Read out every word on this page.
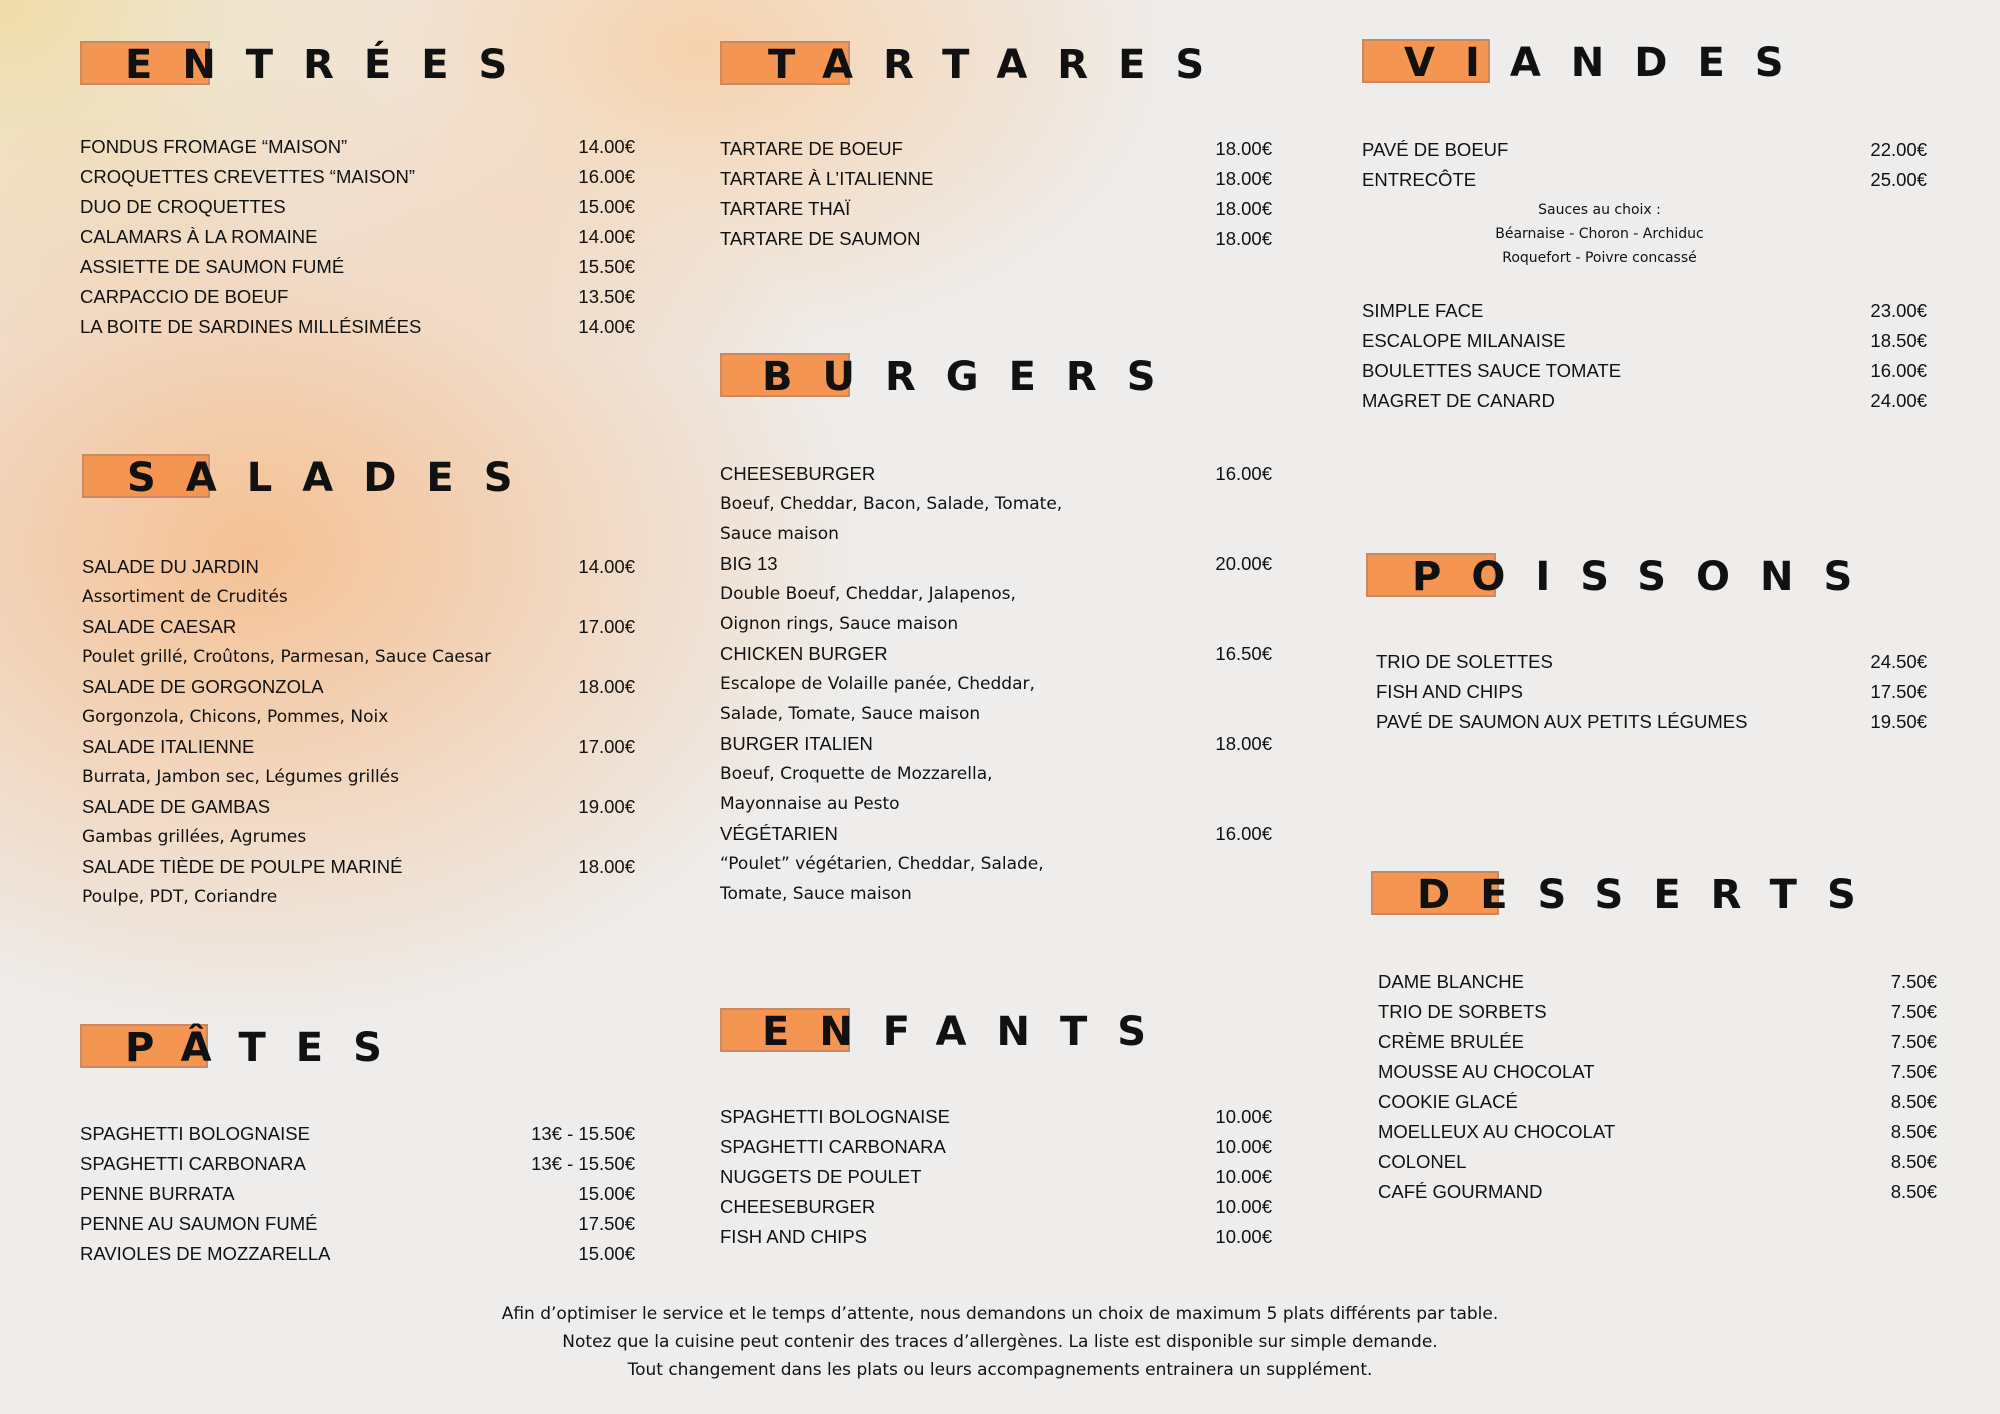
ENTRÉES
FONDUS FROMAGE “MAISON”	14.00€
CROQUETTES CREVETTES “MAISON”	16.00€
DUO DE CROQUETTES	15.00€
CALAMARS À LA ROMAINE	14.00€
ASSIETTE DE SAUMON FUMÉ	15.50€
CARPACCIO DE BOEUF	13.50€
LA BOITE DE SARDINES MILLÉSIMÉES	14.00€
SALADES
SALADE DU JARDIN	14.00€
Assortiment de Crudités
SALADE CAESAR	17.00€
Poulet grillé, Croûtons, Parmesan, Sauce Caesar
SALADE DE GORGONZOLA	18.00€
Gorgonzola, Chicons, Pommes, Noix
SALADE ITALIENNE	17.00€
Burrata, Jambon sec, Légumes grillés
SALADE DE GAMBAS	19.00€
Gambas grillées, Agrumes
SALADE TIÈDE DE POULPE MARINÉ	18.00€
Poulpe, PDT, Coriandre
PÂTES
SPAGHETTI BOLOGNAISE	13€ - 15.50€
SPAGHETTI CARBONARA	13€ - 15.50€
PENNE BURRATA	15.00€
PENNE AU SAUMON FUMÉ	17.50€
RAVIOLES DE MOZZARELLA	15.00€
TARTARES
TARTARE DE BOEUF	18.00€
TARTARE À L’ITALIENNE	18.00€
TARTARE THAÏ	18.00€
TARTARE DE SAUMON	18.00€
BURGERS
CHEESEBURGER	16.00€
Boeuf, Cheddar, Bacon, Salade, Tomate,
Sauce maison
BIG 13	20.00€
Double Boeuf, Cheddar, Jalapenos,
Oignon rings, Sauce maison
CHICKEN BURGER	16.50€
Escalope de Volaille panée, Cheddar,
Salade, Tomate, Sauce maison
BURGER ITALIEN	18.00€
Boeuf, Croquette de Mozzarella,
Mayonnaise au Pesto
VÉGÉTARIEN	16.00€
“Poulet” végétarien, Cheddar, Salade,
Tomate, Sauce maison
ENFANTS
SPAGHETTI BOLOGNAISE	10.00€
SPAGHETTI CARBONARA	10.00€
NUGGETS DE POULET	10.00€
CHEESEBURGER	10.00€
FISH AND CHIPS	10.00€
VIANDES
PAVÉ DE BOEUF	22.00€
ENTRECÔTE	25.00€
Sauces au choix :
Béarnaise - Choron - Archiduc
Roquefort - Poivre concassé
SIMPLE FACE	23.00€
ESCALOPE MILANAISE	18.50€
BOULETTES SAUCE TOMATE	16.00€
MAGRET DE CANARD	24.00€
POISSONS
TRIO DE SOLETTES	24.50€
FISH AND CHIPS	17.50€
PAVÉ DE SAUMON AUX PETITS LÉGUMES	19.50€
DESSERTS
DAME BLANCHE	7.50€
TRIO DE SORBETS	7.50€
CRÈME BRULÉE	7.50€
MOUSSE AU CHOCOLAT	7.50€
COOKIE GLACÉ	8.50€
MOELLEUX AU CHOCOLAT	8.50€
COLONEL	8.50€
CAFÉ GOURMAND	8.50€
Afin d’optimiser le service et le temps d’attente, nous demandons un choix de maximum 5 plats différents par table.
Notez que la cuisine peut contenir des traces d’allergènes. La liste est disponible sur simple demande.
Tout changement dans les plats ou leurs accompagnements entrainera un supplément.
